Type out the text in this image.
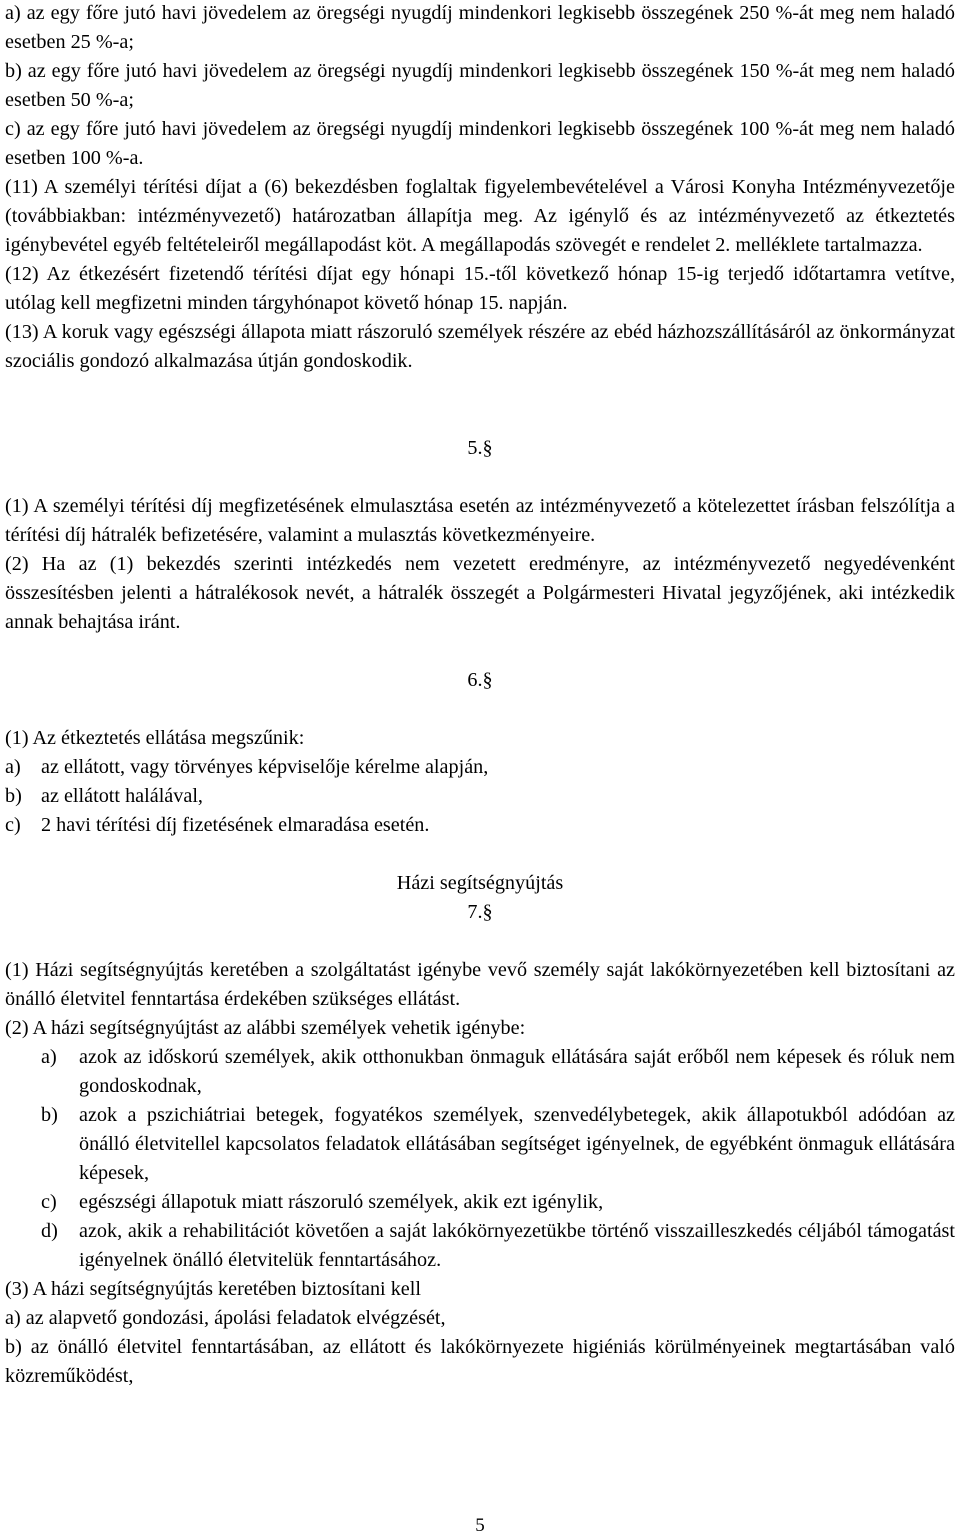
a) az egy főre jutó havi jövedelem az öregségi nyugdíj mindenkori legkisebb összegének 250 %-át meg nem haladó esetben 25 %-a;

b) az egy főre jutó havi jövedelem az öregségi nyugdíj mindenkori legkisebb összegének 150 %-át meg nem haladó esetben 50 %-a;

c) az egy főre jutó havi jövedelem az öregségi nyugdíj mindenkori legkisebb összegének 100 %-át meg nem haladó esetben 100 %-a.

(11) A személyi térítési díjat a (6) bekezdésben foglaltak figyelembevételével a Városi Konyha Intézményvezetője (továbbiakban: intézményvezető) határozatban állapítja meg. Az igénylő és az intézményvezető az étkeztetés igénybevétel egyéb feltételeiről megállapodást köt. A megállapodás szövegét e rendelet 2. melléklete tartalmazza.

(12) Az étkezésért fizetendő térítési díjat egy hónapi 15.-től következő hónap 15-ig terjedő időtartamra vetítve, utólag kell megfizetni minden tárgyhónapot követő hónap 15. napján.

(13) A koruk vagy egészségi állapota miatt rászoruló személyek részére az ebéd házhozszállításáról az önkormányzat szociális gondozó alkalmazása útján gondoskodik.

5.§

(1) A személyi térítési díj megfizetésének elmulasztása esetén az intézményvezető a kötelezettet írásban felszólítja a térítési díj hátralék befizetésére, valamint a mulasztás következményeire.

(2) Ha az (1) bekezdés szerinti intézkedés nem vezetett eredményre, az intézményvezető negyedévenként összesítésben jelenti a hátralékosok nevét, a hátralék összegét a Polgármesteri Hivatal jegyzőjének, aki intézkedik annak behajtása iránt.

6.§

(1) Az étkeztetés ellátása megszűnik:

a)	az ellátott, vagy törvényes képviselője kérelme alapján,
b) az ellátott halálával,
c)	2 havi térítési díj fizetésének elmaradása esetén.

Házi segítségnyújtás

7.§

(1) Házi segítségnyújtás keretében a szolgáltatást igénybe vevő személy saját lakókörnyezetében kell biztosítani az önálló életvitel fenntartása érdekében szükséges ellátást.

(2) A házi segítségnyújtást az alábbi személyek vehetik igénybe:

a)	azok az időskorú személyek, akik otthonukban önmaguk ellátására saját erőből nem képesek és róluk nem gondoskodnak,
b)	azok a pszichiátriai betegek, fogyatékos személyek, szenvedélybetegek, akik állapotukból adódóan az önálló életvitellel kapcsolatos feladatok ellátásában segítséget igényelnek, de egyébként önmaguk ellátására képesek,
c)	egészségi állapotuk miatt rászoruló személyek, akik ezt igénylik,
d)	azok, akik a rehabilitációt követően a saját lakókörnyezetükbe történő visszailleszkedés céljából támogatást igényelnek önálló életvitelük fenntartásához.

(3) A házi segítségnyújtás keretében biztosítani kell

a) az alapvető gondozási, ápolási feladatok elvégzését,

b) az önálló életvitel fenntartásában, az ellátott és lakókörnyezete higiéniás körülményeinek megtartásában való közreműködést,

5
